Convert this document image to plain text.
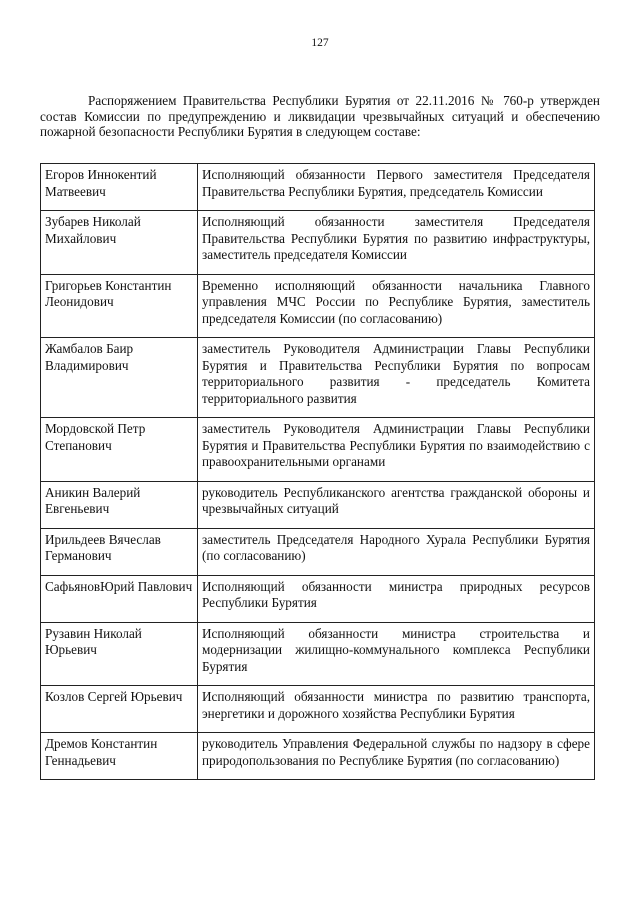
127

Распоряжением Правительства Республики Бурятия от 22.11.2016 № 760-р утвержден состав Комиссии по предупреждению и ликвидации чрезвычайных ситуаций и обеспечению пожарной безопасности Республики Бурятия в следующем составе:

Егоров Иннокентий Матвеевич	Исполняющий обязанности Первого заместителя Председателя Правительства Республики Бурятия, председатель Комиссии
Зубарев Николай Михайлович	Исполняющий обязанности заместителя Председателя Правительства Республики Бурятия по развитию инфраструктуры, заместитель председателя Комиссии
Григорьев Константин Леонидович	Временно исполняющий обязанности начальника Главного управления МЧС России по Республике Бурятия, заместитель председателя Комиссии (по согласованию)
Жамбалов Баир Владимирович	заместитель Руководителя Администрации Главы Республики Бурятия и Правительства Республики Бурятия по вопросам территориального развития - председатель Комитета территориального развития
Мордовской Петр Степанович	заместитель Руководителя Администрации Главы Республики Бурятия и Правительства Республики Бурятия по взаимодействию с правоохранительными органами
Аникин Валерий Евгеньевич	руководитель Республиканского агентства гражданской обороны и чрезвычайных ситуаций
Ирильдеев Вячеслав Германович	заместитель Председателя Народного Хурала Республики Бурятия (по согласованию)
СафьяновЮрий Павлович	Исполняющий обязанности министра природных ресурсов Республики Бурятия
Рузавин Николай Юрьевич	Исполняющий обязанности министра строительства и модернизации жилищно-коммунального комплекса Республики Бурятия
Козлов Сергей Юрьевич	Исполняющий обязанности министра по развитию транспорта, энергетики и дорожного хозяйства Республики Бурятия
Дремов Константин Геннадьевич	руководитель Управления Федеральной службы по надзору в сфере природопользования по Республике Бурятия (по согласованию)
